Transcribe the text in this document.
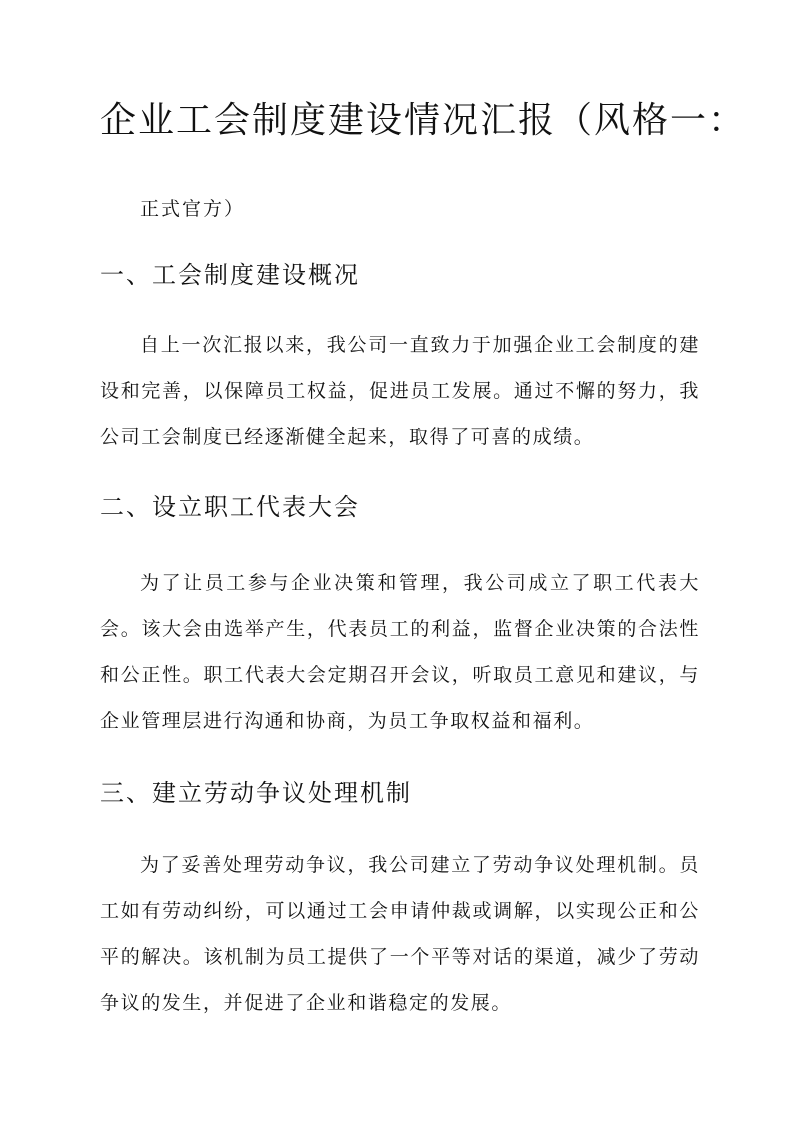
企业工会制度建设情况汇报（风格一：

正式官方）

一、工会制度建设概况

自上一次汇报以来，我公司一直致力于加强企业工会制度的建设和完善，以保障员工权益，促进员工发展。通过不懈的努力，我公司工会制度已经逐渐健全起来，取得了可喜的成绩。

二、设立职工代表大会

为了让员工参与企业决策和管理，我公司成立了职工代表大会。该大会由选举产生，代表员工的利益，监督企业决策的合法性和公正性。职工代表大会定期召开会议，听取员工意见和建议，与企业管理层进行沟通和协商，为员工争取权益和福利。

三、建立劳动争议处理机制

为了妥善处理劳动争议，我公司建立了劳动争议处理机制。员工如有劳动纠纷，可以通过工会申请仲裁或调解，以实现公正和公平的解决。该机制为员工提供了一个平等对话的渠道，减少了劳动争议的发生，并促进了企业和谐稳定的发展。
